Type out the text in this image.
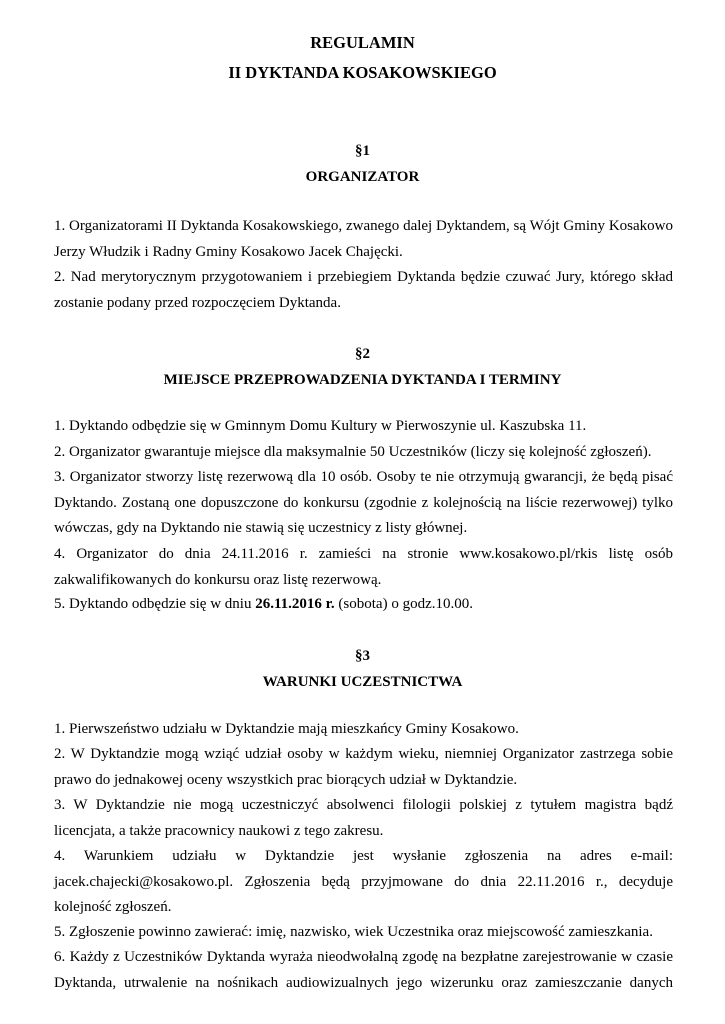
REGULAMIN
II DYKTANDA KOSAKOWSKIEGO
§1
ORGANIZATOR
1. Organizatorami II Dyktanda Kosakowskiego, zwanego dalej Dyktandem, są Wójt Gminy Kosakowo Jerzy Włudzik i Radny Gminy Kosakowo Jacek Chajęcki.
2. Nad merytorycznym przygotowaniem i przebiegiem Dyktanda będzie czuwać Jury, którego skład zostanie podany przed rozpoczęciem Dyktanda.
§2
MIEJSCE PRZEPROWADZENIA DYKTANDA I TERMINY
1. Dyktando odbędzie się w Gminnym Domu Kultury w Pierwoszynie ul. Kaszubska 11.
2. Organizator gwarantuje miejsce dla maksymalnie 50 Uczestników (liczy się kolejność zgłoszeń).
3. Organizator stworzy listę rezerwową dla 10 osób. Osoby te nie otrzymują gwarancji, że będą pisać Dyktando. Zostaną one dopuszczone do konkursu (zgodnie z kolejnością na liście rezerwowej) tylko wówczas, gdy na Dyktando nie stawią się uczestnicy z listy głównej.
4. Organizator do dnia 24.11.2016 r. zamieści na stronie www.kosakowo.pl/rkis listę osób zakwalifikowanych do konkursu oraz listę rezerwową.
5. Dyktando odbędzie się w dniu 26.11.2016 r. (sobota) o godz.10.00.
§3
WARUNKI UCZESTNICTWA
1. Pierwszeństwo udziału w Dyktandzie mają mieszkańcy Gminy Kosakowo.
2. W Dyktandzie mogą wziąć udział osoby w każdym wieku, niemniej Organizator zastrzega sobie prawo do jednakowej oceny wszystkich prac biorących udział w Dyktandzie.
3. W Dyktandzie nie mogą uczestniczyć absolwenci filologii polskiej z tytułem magistra bądź licencjata, a także pracownicy naukowi z tego zakresu.
4. Warunkiem udziału w Dyktandzie jest wysłanie zgłoszenia na adres e-mail: jacek.chajecki@kosakowo.pl. Zgłoszenia będą przyjmowane do dnia 22.11.2016 r., decyduje kolejność zgłoszeń.
5. Zgłoszenie powinno zawierać: imię, nazwisko, wiek Uczestnika oraz miejscowość zamieszkania.
6. Każdy z Uczestników Dyktanda wyraża nieodwołalną zgodę na bezpłatne zarejestrowanie w czasie Dyktanda, utrwalenie na nośnikach audiowizualnych jego wizerunku oraz zamieszczanie danych
